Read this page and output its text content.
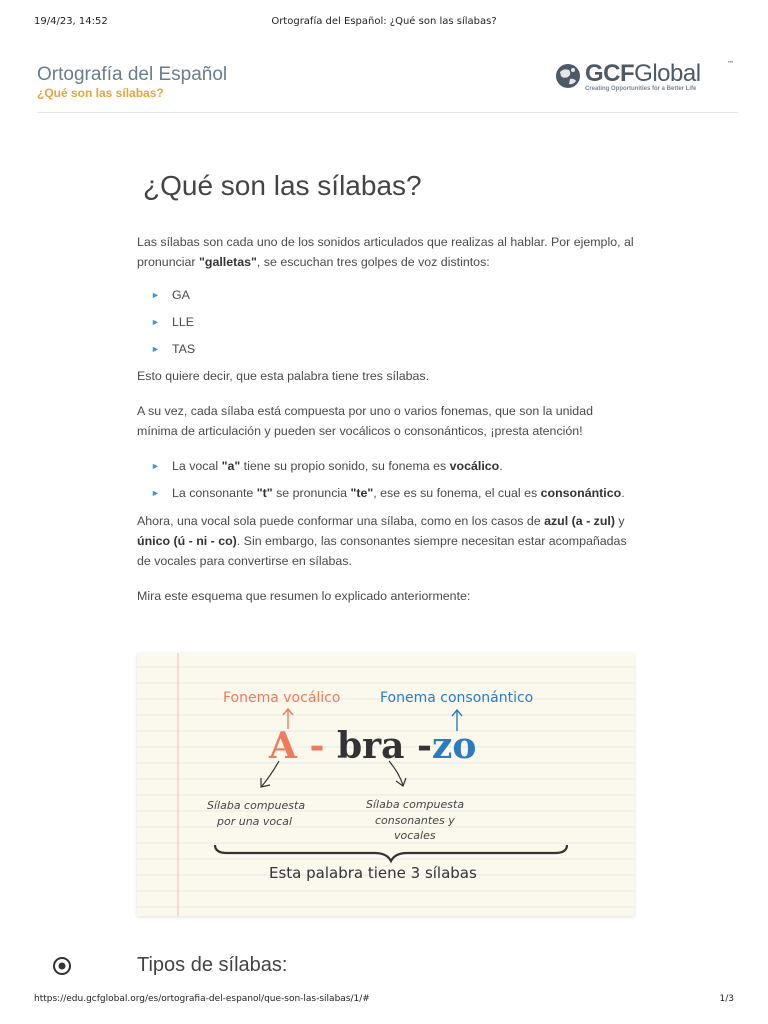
19/4/23, 14:52	Ortografía del Español: ¿Qué son las sílabas?
Ortografía del Español
¿Qué son las sílabas?
GCFGlobal	™
Creating Opportunities for a Better Life
¿Qué son las sílabas?

Las sílabas son cada uno de los sonidos articulados que realizas al hablar. Por ejemplo, al pronunciar "galletas", se escuchan tres golpes de voz distintos:

► GA
► LLE
► TAS

Esto quiere decir, que esta palabra tiene tres sílabas.

A su vez, cada sílaba está compuesta por uno o varios fonemas, que son la unidad mínima de articulación y pueden ser vocálicos o consonánticos, ¡presta atención!

► La vocal "a" tiene su propio sonido, su fonema es vocálico.
► La consonante "t" se pronuncia "te", ese es su fonema, el cual es consonántico.

Ahora, una vocal sola puede conformar una sílaba, como en los casos de azul (a - zul) y único (ú - ni - co). Sin embargo, las consonantes siempre necesitan estar acompañadas de vocales para convertirse en sílabas.

Mira este esquema que resumen lo explicado anteriormente:

Fonema vocálico	Fonema consonántico
A - bra -zo
Sílaba compuesta
por una vocal
Sílaba compuesta
consonantes y
vocales
Esta palabra tiene 3 sílabas
Tipos de sílabas:
https://edu.gcfglobal.org/es/ortografia-del-espanol/que-son-las-silabas/1/#	1/3
